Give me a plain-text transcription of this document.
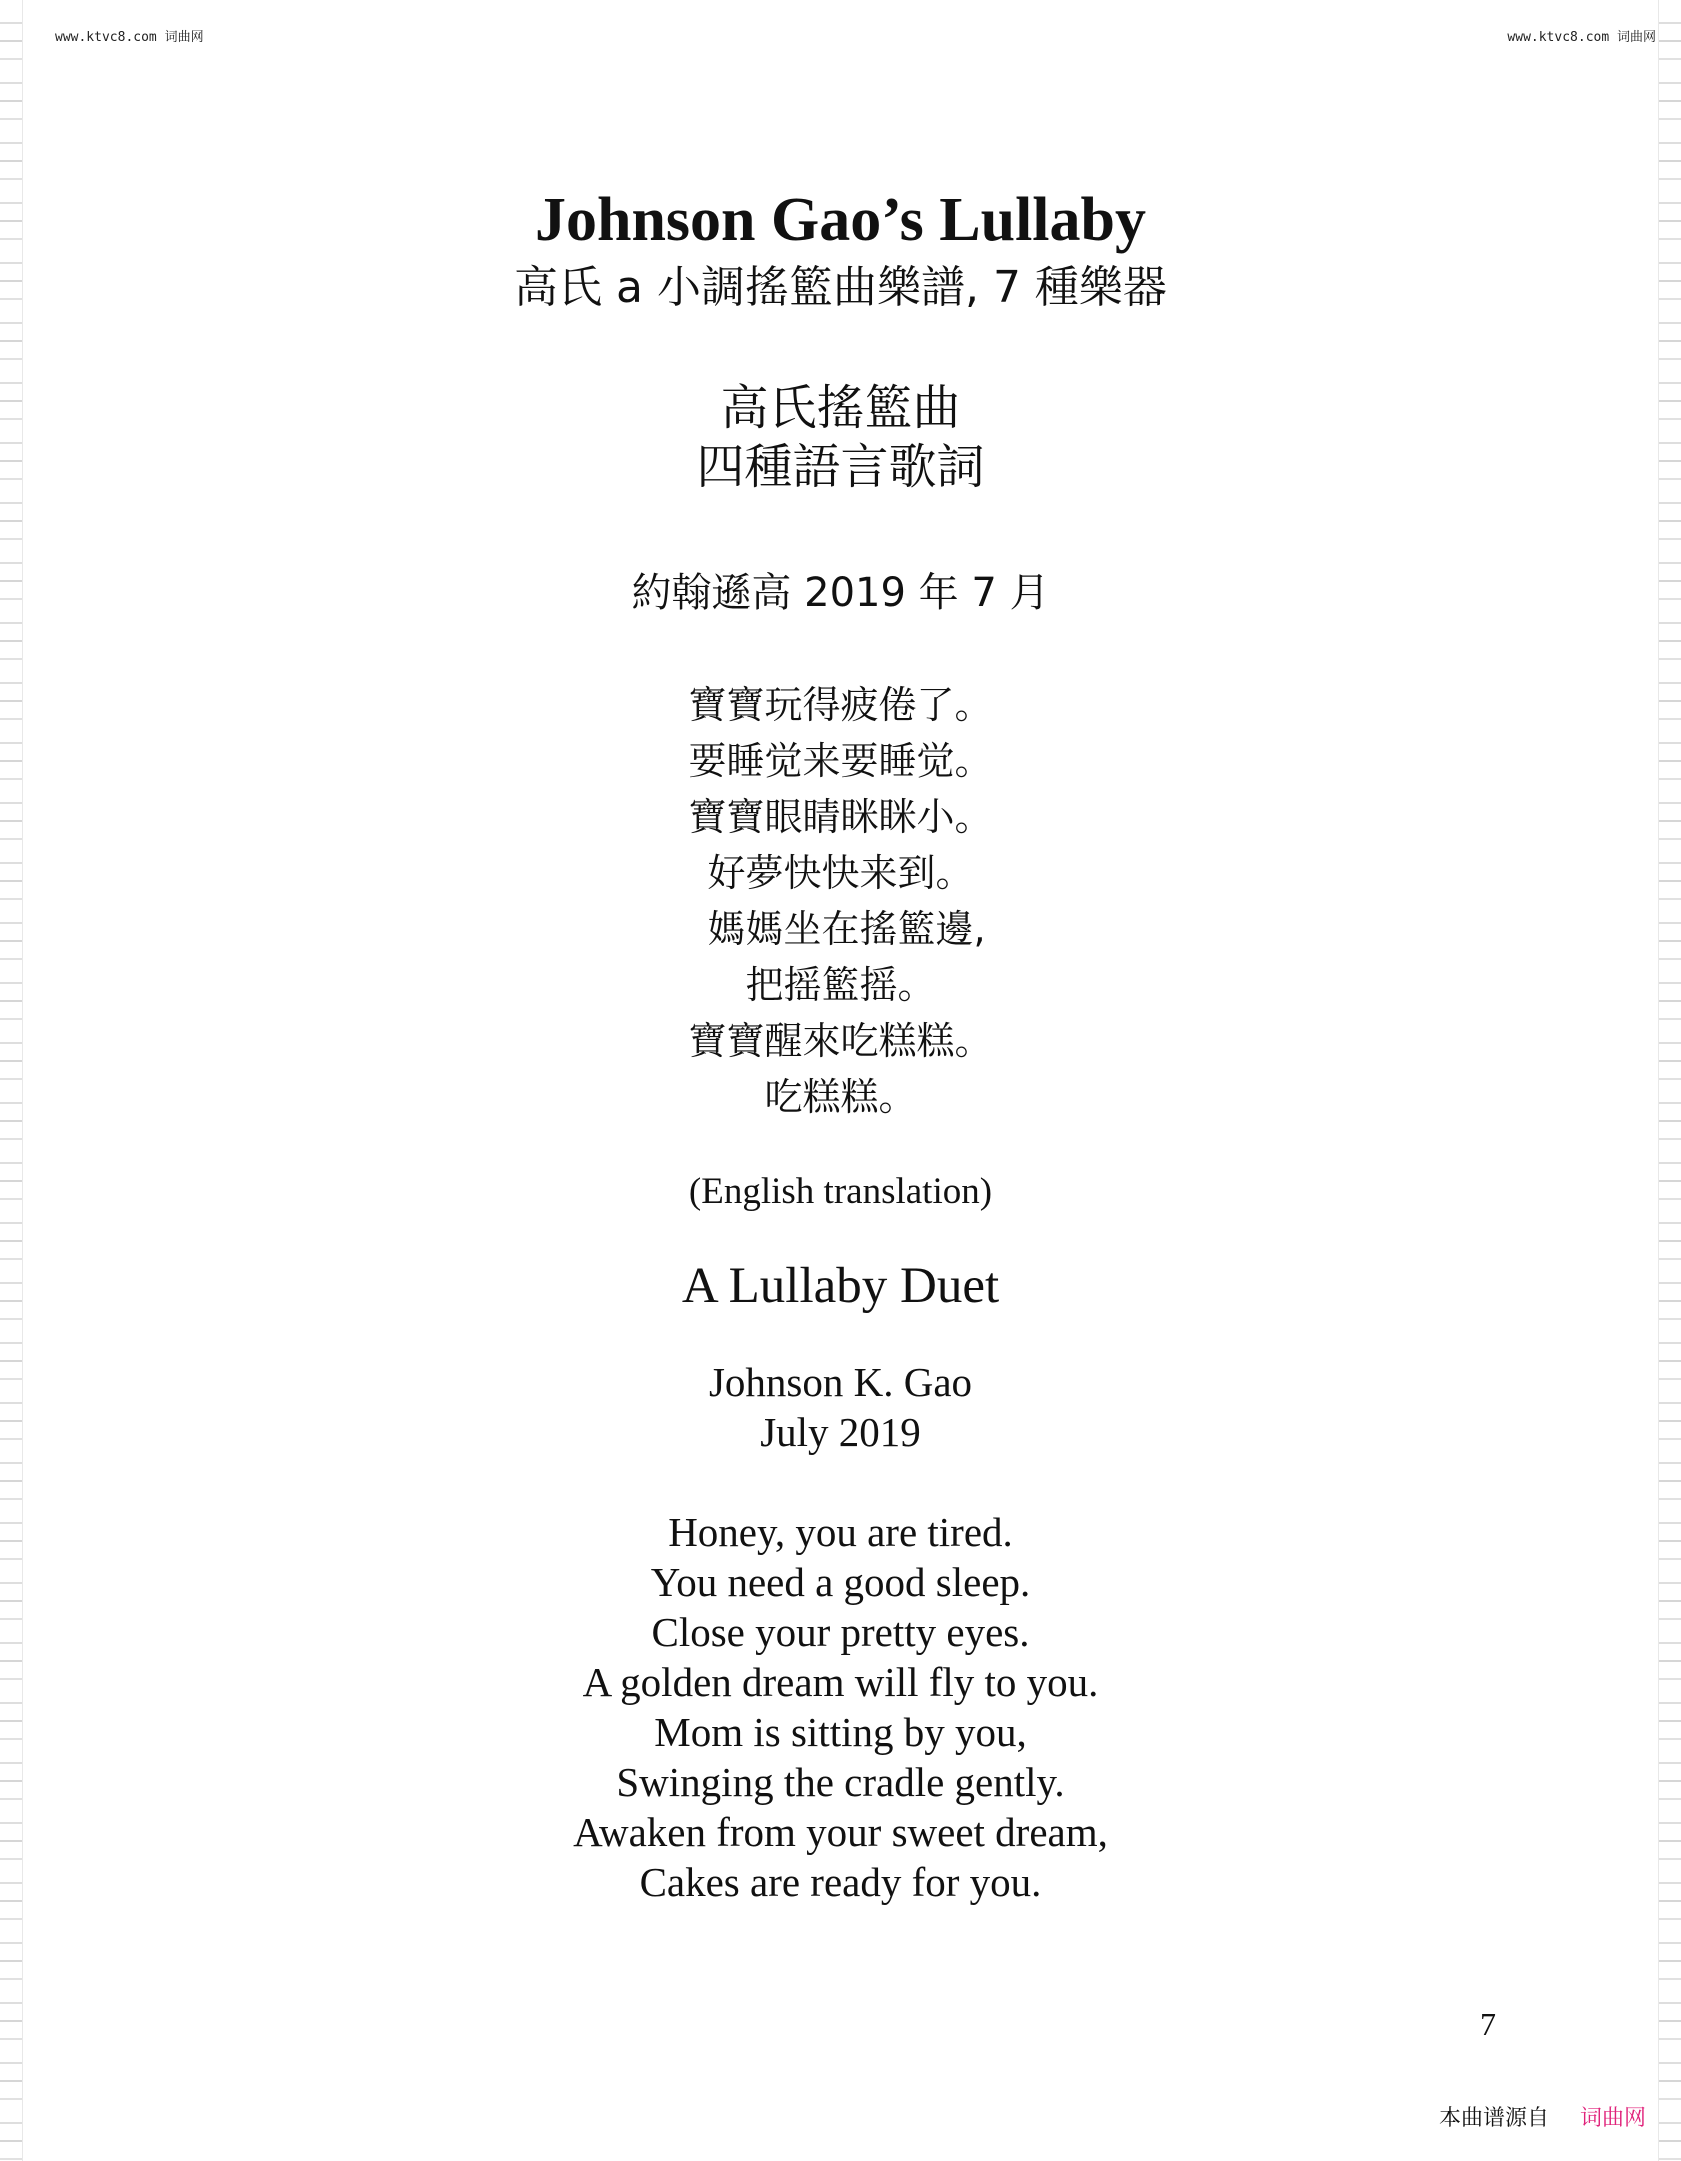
www.ktvc8.com 词曲网	www.ktvc8.com 词曲网
Johnson Gao’s Lullaby
高氏 a 小調搖籃曲樂譜, 7 種樂器
高氏搖籃曲
四種語言歌詞
約翰遜高 2019 年 7 月
寶寶玩得疲倦了。
要睡觉来要睡觉。
寶寶眼睛眯眯小。
好夢快快来到。
媽媽坐在搖籃邊,
把摇籃摇。
寶寶醒來吃糕糕。
吃糕糕。
(English translation)
A Lullaby Duet
Johnson K. Gao
July 2019
Honey, you are tired.
You need a good sleep.
Close your pretty eyes.
A golden dream will fly to you.
Mom is sitting by you,
Swinging the cradle gently.
Awaken from your sweet dream,
Cakes are ready for you.
7
本曲谱源自 词曲网
